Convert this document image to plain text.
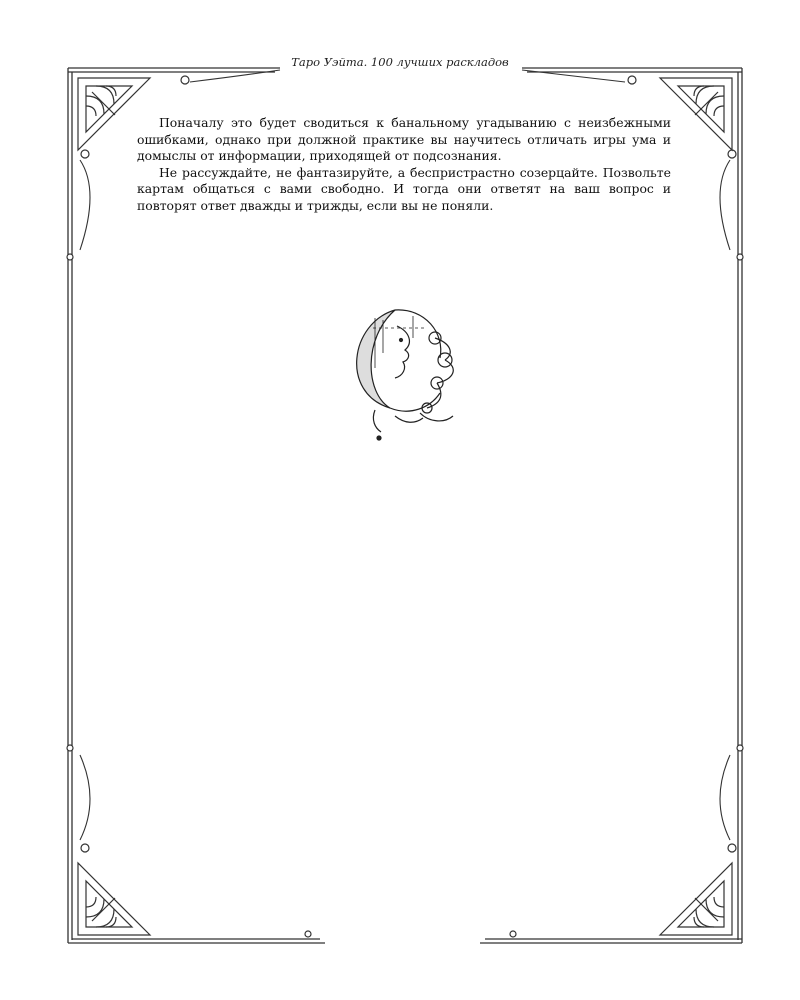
Таро Уэйта. 100 лучших раскладов

Поначалу это будет сводиться к банальному угадыванию с неизбежными ошибками, однако при должной практике вы научитесь отличать игры ума и домыслы от информации, приходящей от подсознания.

Не рассуждайте, не фантазируйте, а беспристрастно созерцайте. Позвольте картам общаться с вами свободно. И тогда они ответят на ваш вопрос и повторят ответ дважды и трижды, если вы не поняли.
